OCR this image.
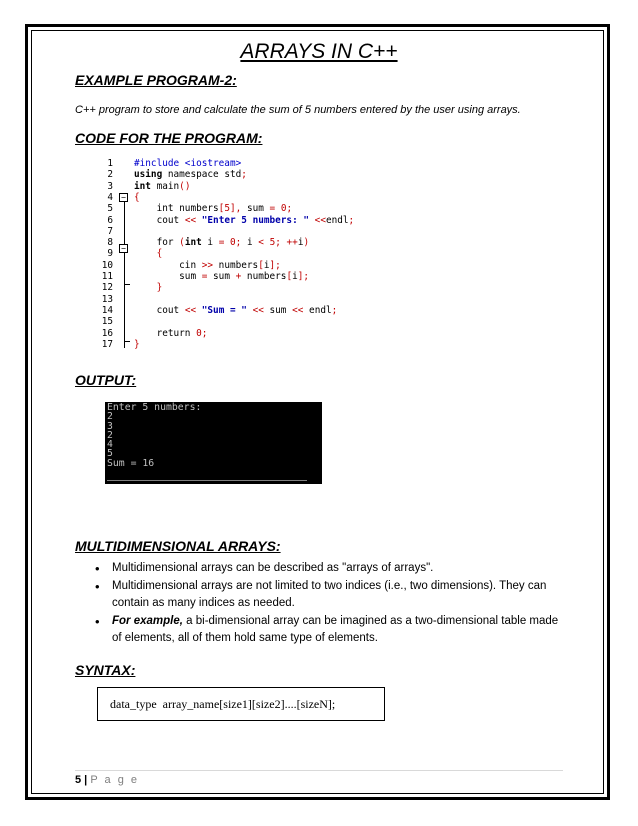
ARRAYS IN C++
EXAMPLE PROGRAM-2:
C++ program to store and calculate the sum of 5 numbers entered by the user using arrays.
CODE FOR THE PROGRAM:
−
−
1 #include <iostream>
2 using namespace std;
3 int main()
4 {
5 int numbers[5], sum = 0;
6 cout << "Enter 5 numbers: " <<endl;
7
8 for (int i = 0; i < 5; ++i)
9	{
10 cin >> numbers[i];
11 sum = sum + numbers[i];
12	}
13
14 cout << "Sum = " << sum << endl;
15
16 return 0;
17 }
OUTPUT:
Enter 5 numbers:
2
3
2
4
5
Sum = 16
MULTIDIMENSIONAL ARRAYS:
• Multidimensional arrays can be described as "arrays of arrays".
• Multidimensional arrays are not limited to two indices (i.e., two dimensions). They can contain as many indices as needed.
• For example, a bi-dimensional array can be imagined as a two-dimensional table made of elements, all of them hold same type of elements.
SYNTAX:
data_type  array_name[size1][size2]....[sizeN];
5 | P a g e
